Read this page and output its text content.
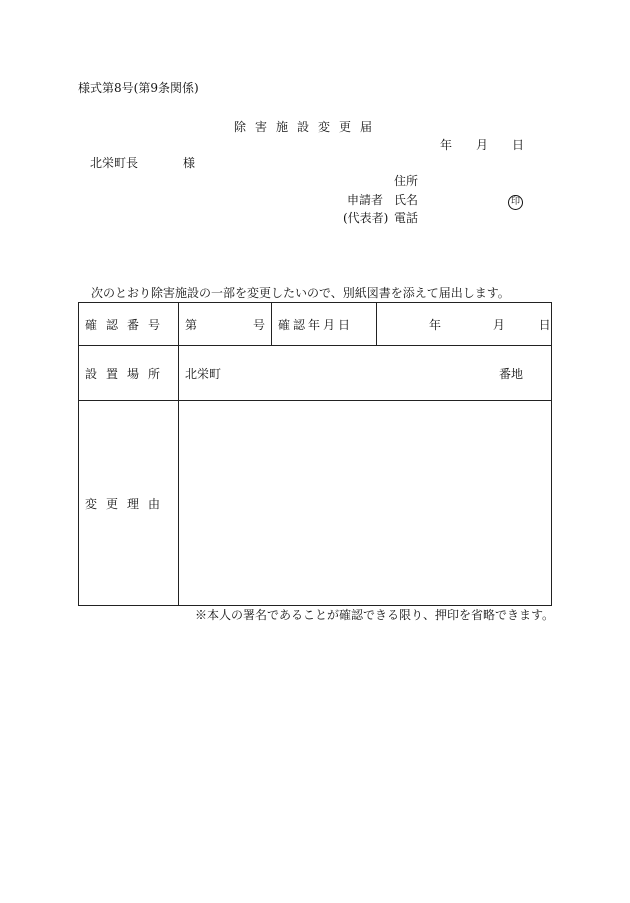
様式第8号(第9条関係)
除害施設変更届
年 月 日
北栄町長	様
住所
申請者 氏名	印
(代表者) 電話
次のとおり除害施設の一部を変更したいので、別紙図書を添えて届出します。
確認番号	第 号	確認年月日	年 月 日
設置場所	北栄町 番地		

変更理由			
※本人の署名であることが確認できる限り、押印を省略できます。
